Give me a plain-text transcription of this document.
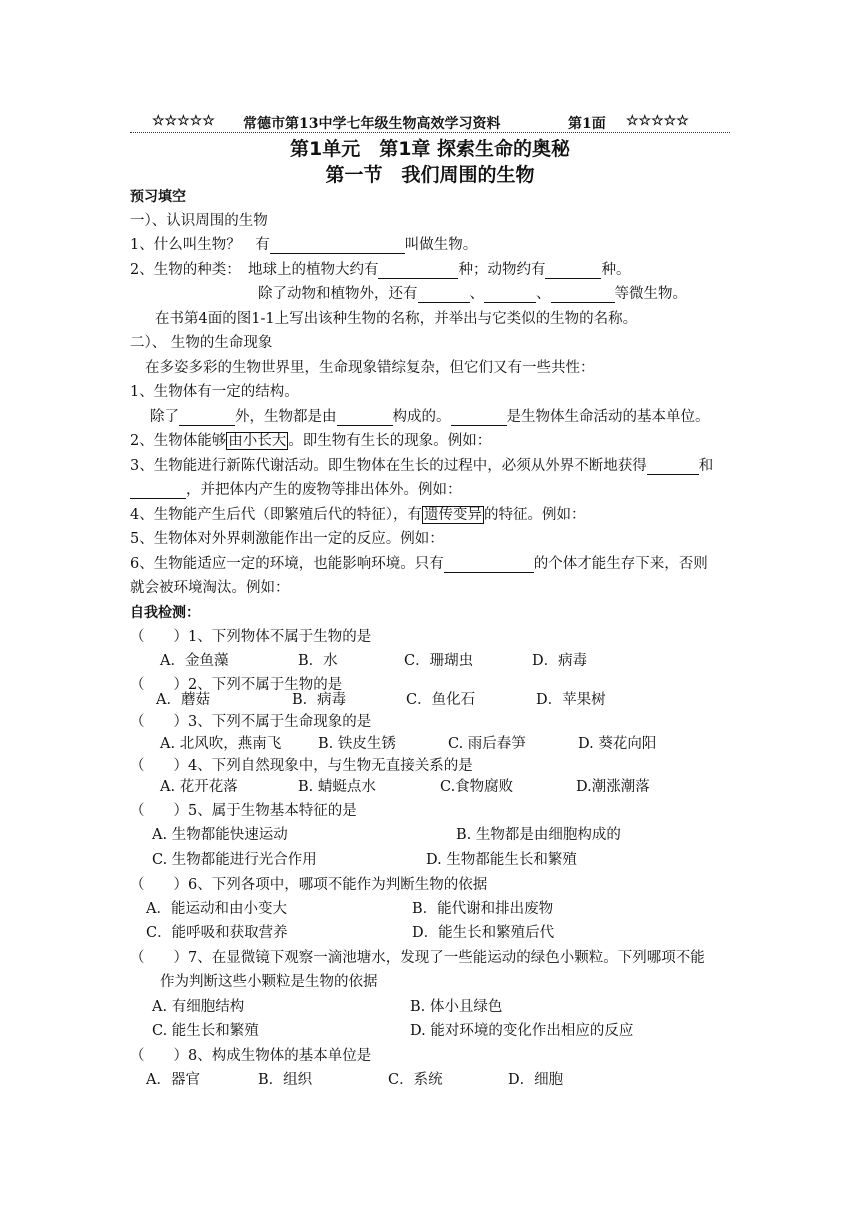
☆☆☆☆☆ 常德市第13中学七年级生物高效学习资料	第1面 ☆☆☆☆☆
第1单元　第1章 探索生命的奥秘
第一节　我们周围的生物
预习填空
一）、认识周围的生物
1、什么叫生物？　有	叫做生物。
2、生物的种类：　地球上的植物大约有	种；动物约有	种。
除了动物和植物外，还有	、	、	等微生物。
在书第4面的图1-1上写出该种生物的名称，并举出与它类似的生物的名称。
二）、 生物的生命现象
在多姿多彩的生物世界里，生命现象错综复杂，但它们又有一些共性：
1、生物体有一定的结构。
除了	外，生物都是由	构成的。	是生物体生命活动的基本单位。
2、生物体能够 由小长大 。即生物有生长的现象。例如：
3、生物能进行新陈代谢活动。即生物体在生长的过程中，必须从外界不断地获得	和
，并把体内产生的废物等排出体外。例如：
4、生物能产生后代（即繁殖后代的特征），有 遗传变异 的特征。例如：
5、生物体对外界刺激能作出一定的反应。例如：
6、生物能适应一定的环境，也能影响环境。只有	的个体才能生存下来，否则
就会被环境淘汰。例如：
自我检测：
（　　）1、下列物体不属于生物的是
A．金鱼藻	B．水	C．珊瑚虫	D．病毒
（　　）2、下列不属于生物的是
A．蘑菇	B．病毒	C．鱼化石	D．苹果树
（　　）3、下列不属于生命现象的是
A. 北风吹，燕南飞	B. 铁皮生锈	C. 雨后春笋	D. 葵花向阳
（　　）4、下列自然现象中，与生物无直接关系的是
A. 花开花落	B. 蜻蜓点水	C.食物腐败	D.潮涨潮落
（　　）5、属于生物基本特征的是
A. 生物都能快速运动	B. 生物都是由细胞构成的
C. 生物都能进行光合作用	D. 生物都能生长和繁殖
（　　）6、下列各项中，哪项不能作为判断生物的依据
A．能运动和由小变大	B．能代谢和排出废物
C．能呼吸和获取营养	D．能生长和繁殖后代
（　　）7、在显微镜下观察一滴池塘水，发现了一些能运动的绿色小颗粒。下列哪项不能
作为判断这些小颗粒是生物的依据
A. 有细胞结构	B. 体小且绿色
C. 能生长和繁殖	D. 能对环境的变化作出相应的反应
（　　）8、构成生物体的基本单位是
A．器官	B．组织	C．系统	D．细胞
